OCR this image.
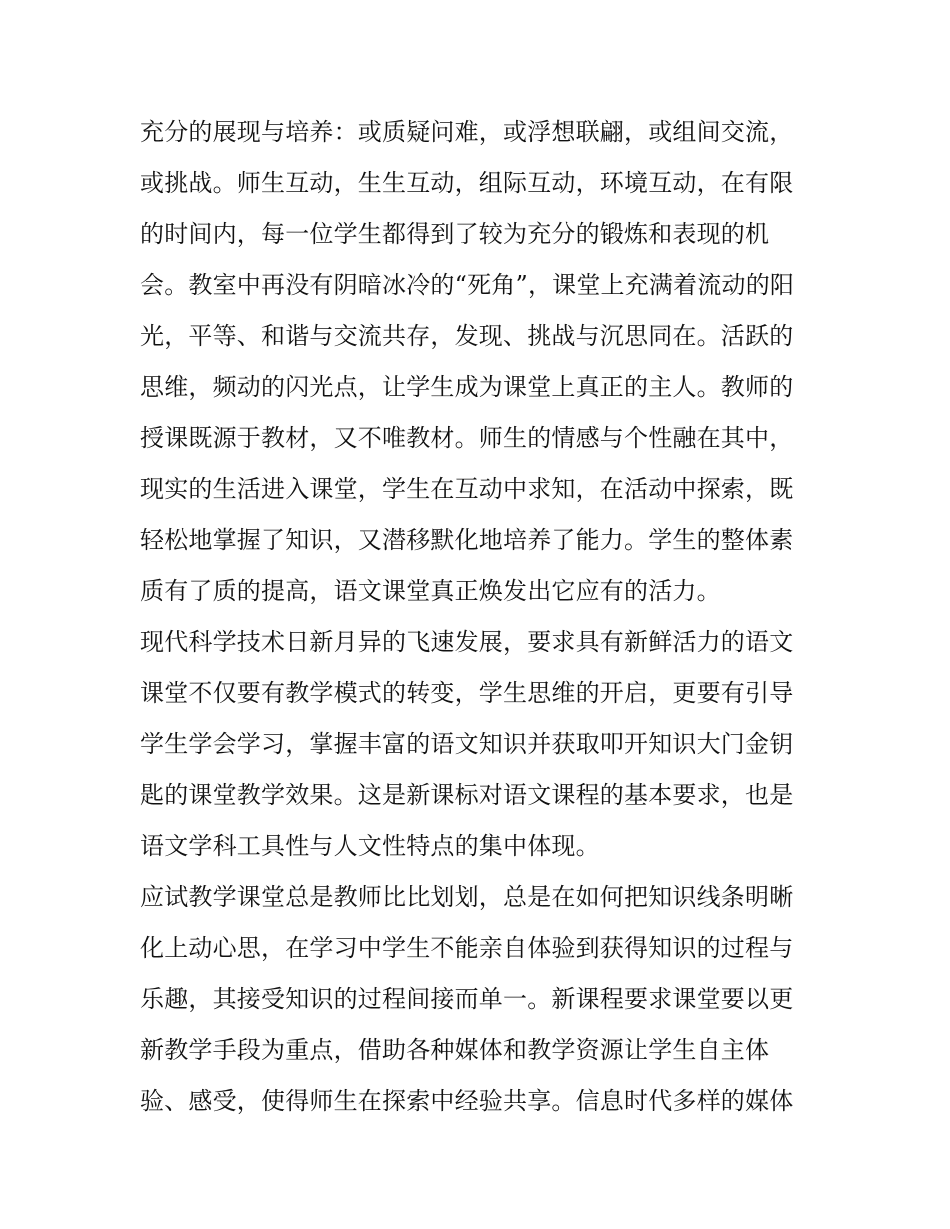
充分的展现与培养：或质疑问难，或浮想联翩，或组间交流，
或挑战。师生互动，生生互动，组际互动，环境互动，在有限
的时间内，每一位学生都得到了较为充分的锻炼和表现的机
会。教室中再没有阴暗冰冷的“死角”，课堂上充满着流动的阳
光，平等、和谐与交流共存，发现、挑战与沉思同在。活跃的
思维，频动的闪光点，让学生成为课堂上真正的主人。教师的
授课既源于教材，又不唯教材。师生的情感与个性融在其中，
现实的生活进入课堂，学生在互动中求知，在活动中探索，既
轻松地掌握了知识，又潜移默化地培养了能力。学生的整体素
质有了质的提高，语文课堂真正焕发出它应有的活力。
现代科学技术日新月异的飞速发展，要求具有新鲜活力的语文
课堂不仅要有教学模式的转变，学生思维的开启，更要有引导
学生学会学习，掌握丰富的语文知识并获取叩开知识大门金钥
匙的课堂教学效果。这是新课标对语文课程的基本要求，也是
语文学科工具性与人文性特点的集中体现。
应试教学课堂总是教师比比划划，总是在如何把知识线条明晰
化上动心思，在学习中学生不能亲自体验到获得知识的过程与
乐趣，其接受知识的过程间接而单一。新课程要求课堂要以更
新教学手段为重点，借助各种媒体和教学资源让学生自主体
验、感受，使得师生在探索中经验共享。信息时代多样的媒体
